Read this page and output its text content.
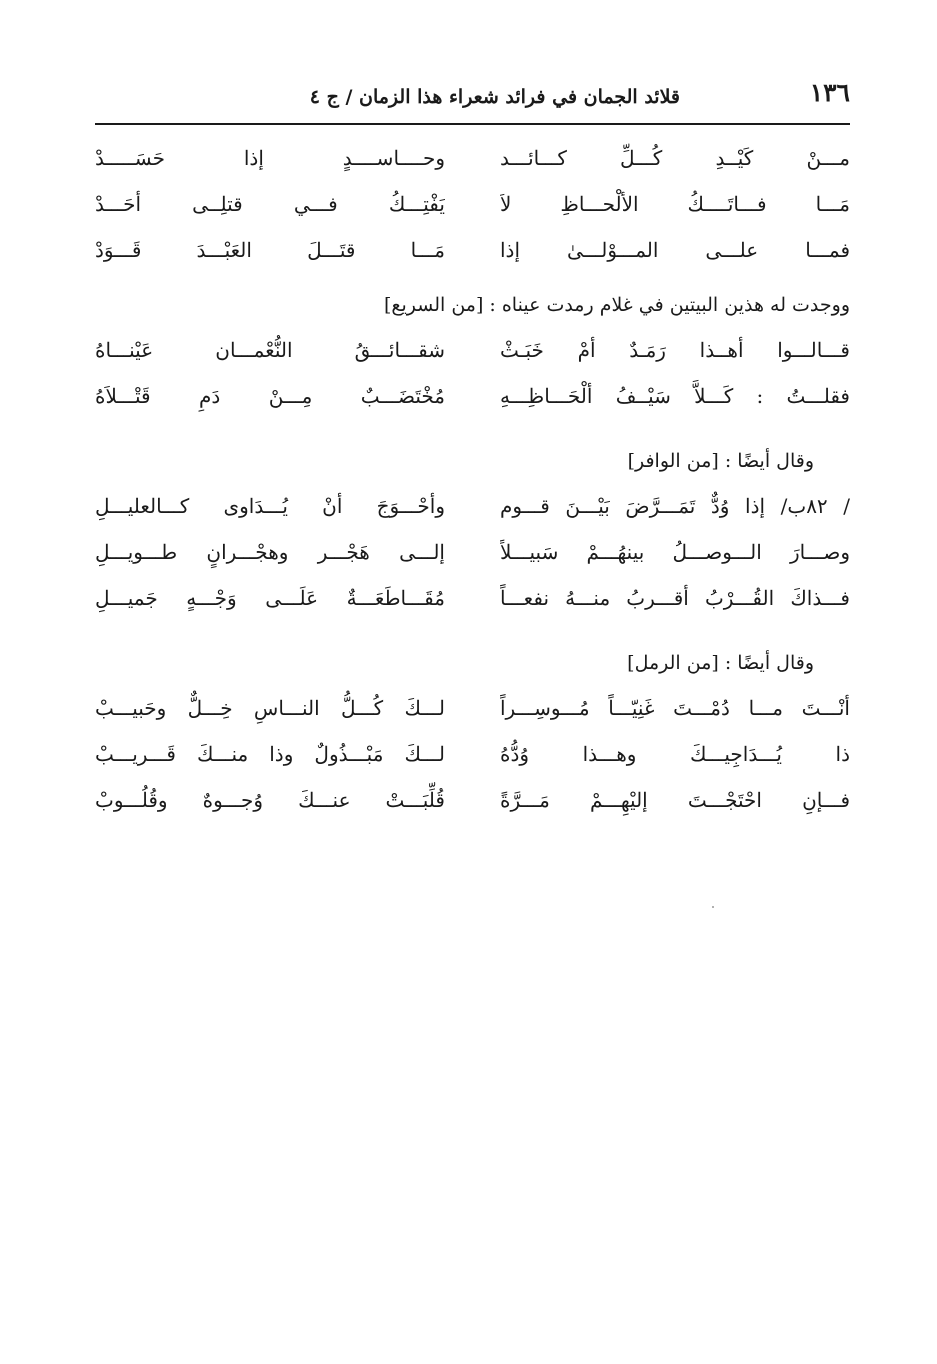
١٣٦
قلائد الجمان في فرائد شعراء هذا الزمان / ج ٤
مـــنْ كَيْــدِ كُـــلِّ كـــائـــد
وحــــاســــدٍ إذا حَسَـــــدْ
مَـــا فـــاتَــــكُ الألْحـــاظِ لاَ
يَفْتِـــكُ فـــي قتلِــى أحَـــدْ
فمـــا علـــى المـــوْلـــىٰ إذا
مَـــا قتَـــلَ العَبْـــدَ قَـــوَدْ
ووجدت له هذين البيتين في غلام رمدت عيناه : [من السريع]
قـــالـــوا أهــذا رَمَـدٌ أمْ خَبَـثْ
شقـــائـــقُ النُّعْمـــان عَيْنـــاهُ
فقلـــتُ : كَـــلاَّ سَيْــفُ ألْحَـــاظِـــهِ
مُخْتَضَـــبٌ مِـــنْ دَمِ قَتْـــلاَهُ
وقال أيضًا : [من الوافر]
/ ٨٢ب/ إذا وُدٌّ تَمَـــرَّضَ بَيْـــنَ قـــوم
وأحْـــوَجَ أنْ يُـــدَاوى كـــالعليـــلِ
وصـــارَ الـــوصـــلُ بينهُـــمْ سَبيـــلاً
إلـــى هَجْـــر وهجْـــرانٍ طـــويـــلِ
فـــذاكَ القُـــرْبُ أقـــربُ منـــهُ نفعـــاً
مُقَـــاطَعَـــةٌ عَلَـــى وَجْـــهٍ جَميـــلِ
وقال أيضًا : [من الرمل]
أنْـــتَ مـــا دُمْـــتَ غَنِيّـــاً مُـــوسِـــراً
لـــكَ كُـــلُّ النـــاسِ خِـــلٌّ وحَبيـــبْ
ذا يُـــدَاجِيـــكَ وهـــذا وُدُّهُ
لـــكَ مَبْـــذُولٌ وذا منـــكَ قَـــريـــبْ
فـــإنِ احْتَجْـــتَ إليْهِـــمْ مَـــرَّةً
قُلِّبَـــتْ عنـــكَ وُجـــوهٌ وقُلُـــوبْ
